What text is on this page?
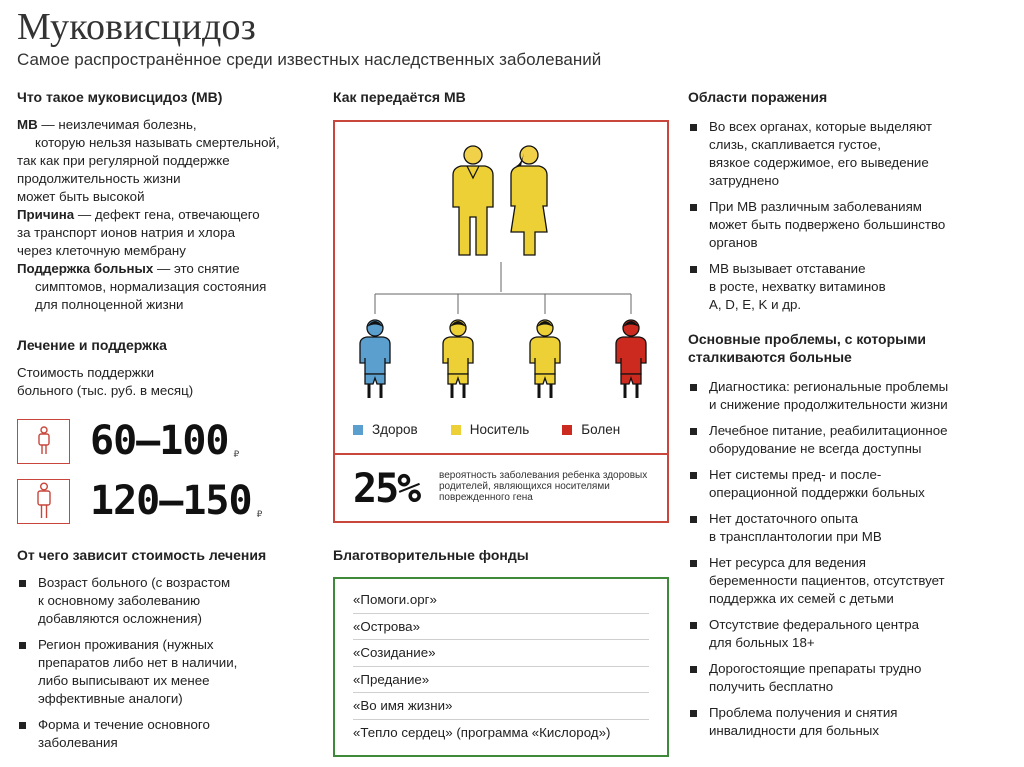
Муковисцидоз
Самое распространённое среди известных наследственных заболеваний
Что такое муковисцидоз (МВ)

МВ — неизлечимая болезнь,

которую нельзя называть смертельной,

так как при регулярной поддержке

продолжительность жизни

может быть высокой

Причина — дефект гена, отвечающего

за транспорт ионов натрия и хлора

через клеточную мембрану

Поддержка больных — это снятие

симптомов, нормализация состояния

для полноценной жизни

Лечение и поддержка
Стоимость поддержки
больного (тыс. руб. в месяц)
60–100 ₽
120–150 ₽
От чего зависит стоимость лечения
Возраст больного (с возрастом
к основному заболеванию
добавляются осложнения)
Регион проживания (нужных
препаратов либо нет в наличии,
либо выписывают их менее
эффективные аналоги)
Форма и течение основного
заболевания
Как передаётся МВ
Здоров	Носитель	Болен
25% вероятность заболевания ребенка здоровых родителей, являющихся носителями поврежденного гена
Благотворительные фонды
«Помоги.орг»
«Острова»
«Созидание»
«Предание»
«Во имя жизни»
«Тепло сердец» (программа «Кислород»)
Области поражения
Во всех органах, которые выделяют
слизь, скапливается густое,
вязкое содержимое, его выведение
затруднено
При МВ различным заболеваниям
может быть подвержено большинство
органов
МВ вызывает отставание
в росте, нехватку витаминов
A, D, E, K и др.
Основные проблемы, с которыми
сталкиваются больные
Диагностика: региональные проблемы
и снижение продолжительности жизни
Лечебное питание, реабилитационное
оборудование не всегда доступны
Нет системы пред- и после-
операционной поддержки больных
Нет достаточного опыта
в трансплантологии при МВ
Нет ресурса для ведения
беременности пациентов, отсутствует
поддержка их семей с детьми
Отсутствие федерального центра
для больных 18+
Дорогостоящие препараты трудно
получить бесплатно
Проблема получения и снятия
инвалидности для больных
